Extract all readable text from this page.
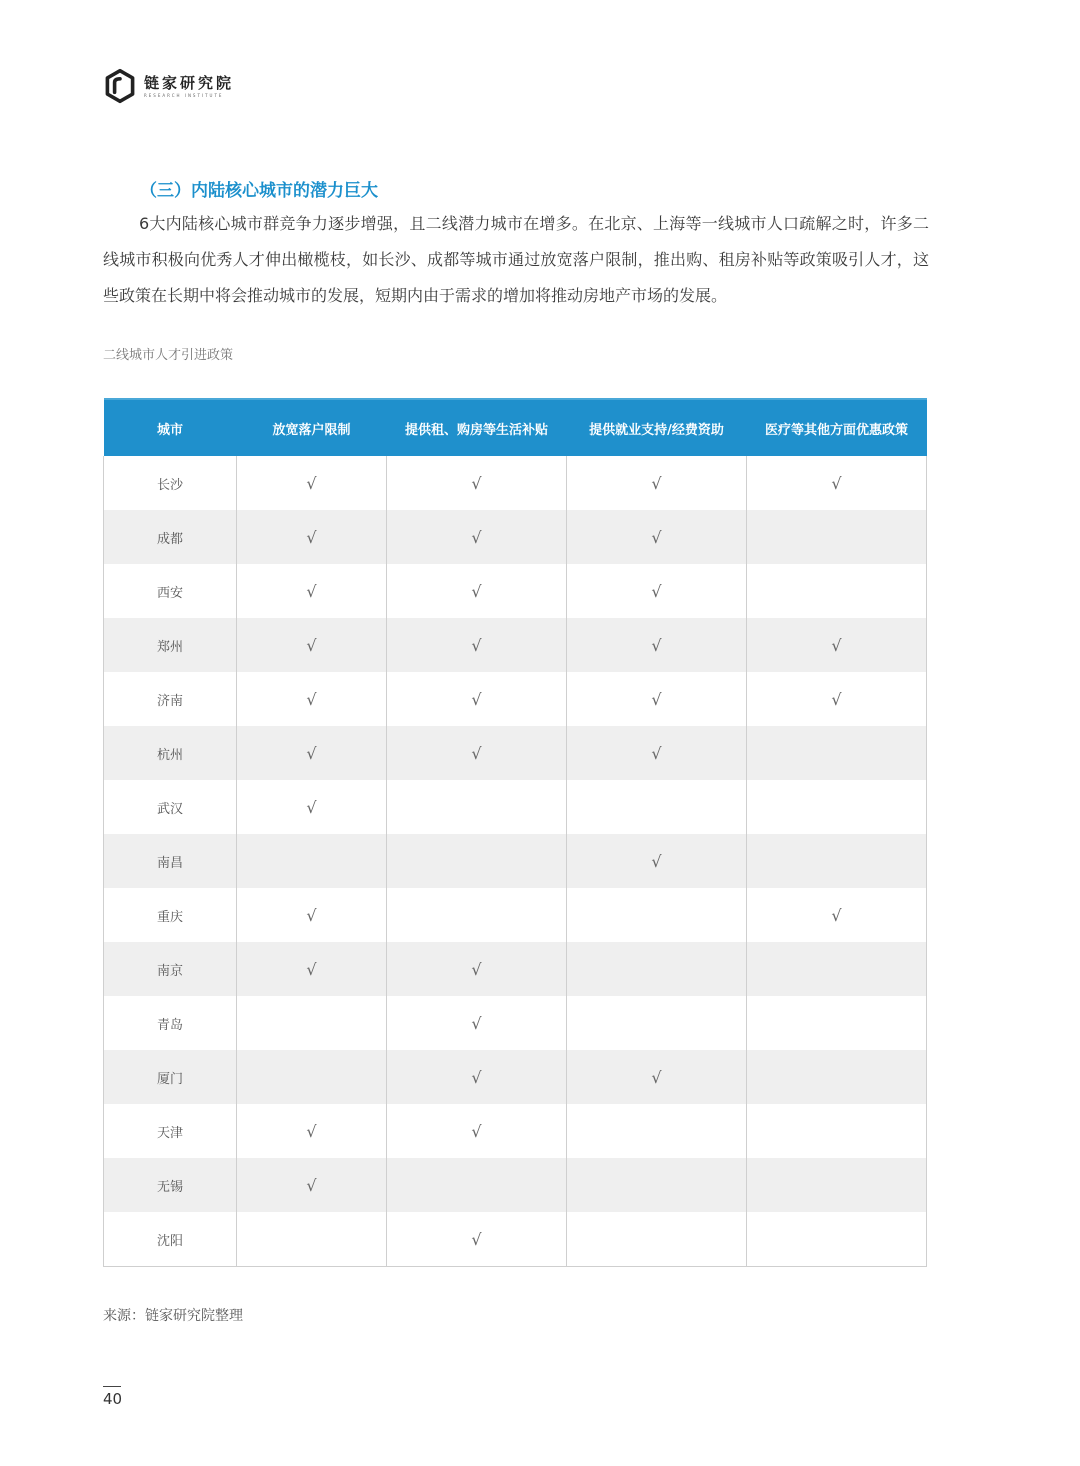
链家研究院
RESEARCH INSTITUTE
（三）内陆核心城市的潜力巨大

6大内陆核心城市群竞争力逐步增强，且二线潜力城市在增多。在北京、上海等一线城市人口疏解之时，许多二线城市积极向优秀人才伸出橄榄枝，如长沙、成都等城市通过放宽落户限制，推出购、租房补贴等政策吸引人才，这些政策在长期中将会推动城市的发展，短期内由于需求的增加将推动房地产市场的发展。

二线城市人才引进政策
城市	放宽落户限制	提供租、购房等生活补贴	提供就业支持/经费资助	医疗等其他方面优惠政策
长沙	√	√	√	√
成都	√	√	√	
西安	√	√	√	
郑州	√	√	√	√
济南	√	√	√	√
杭州	√	√	√	
武汉	√			
南昌			√	
重庆	√			√
南京	√	√		
青岛		√		
厦门		√	√	
天津	√	√		
无锡	√			
沈阳		√		
来源：链家研究院整理
40
